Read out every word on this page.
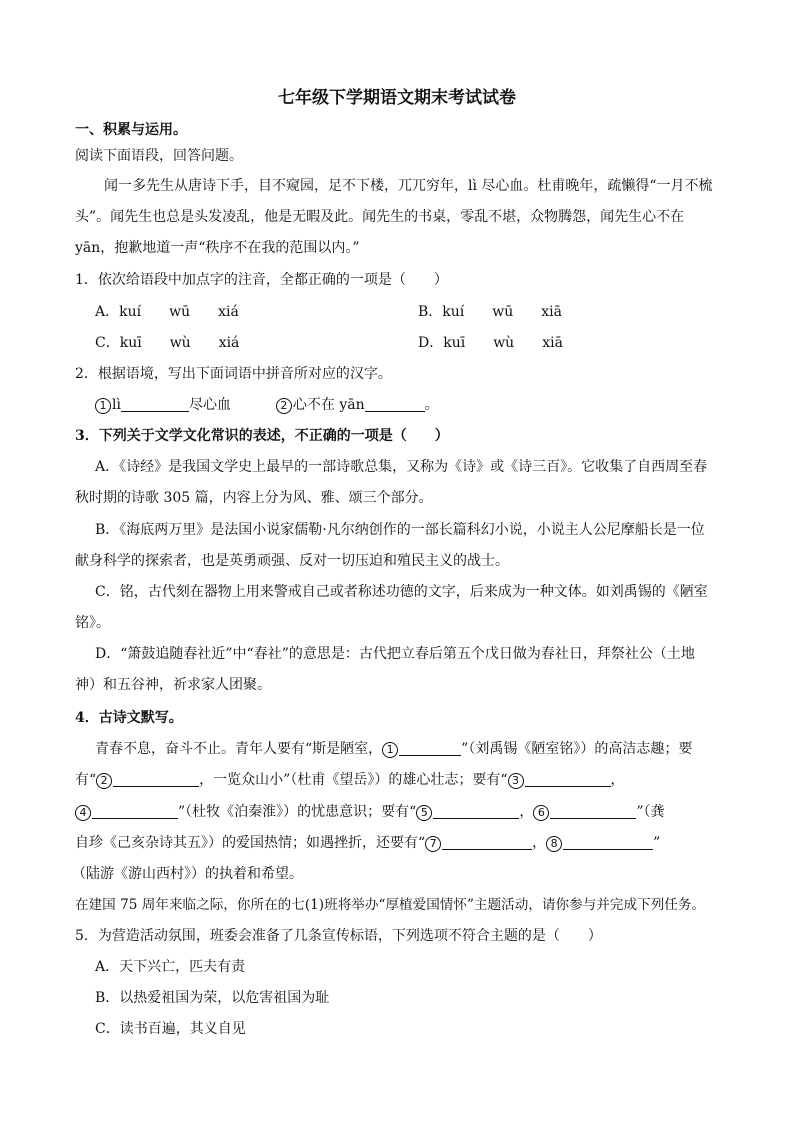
七年级下学期语文期末考试试卷

一、积累与运用。

阅读下面语段，回答问题。

闻一多先生从唐诗下手，目不窥园，足不下楼，兀兀穷年，lì 尽心血。杜甫晚年，疏懒得“一月不梳

头”。闻先生也总是头发凌乱，他是无暇及此。闻先生的书桌，零乱不堪，众物腾怨，闻先生心不在

yān，抱歉地道一声“秩序不在我的范围以内。”

1．依次给语段中加点字的注音，全都正确的一项是（　　）

A．kuí　　wū　　xiá	B．kuí　　wū　　xiā

C．kuī　　wù　　xiá	D．kuī　　wù　　xiā

2．根据语境，写出下面词语中拼音所对应的汉字。

1 lì	尽心血	2 心不在 yān	。

3．下列关于文学文化常识的表述，不正确的一项是（　　）

A．《诗经》是我国文学史上最早的一部诗歌总集，又称为《诗》或《诗三百》。它收集了自西周至春

秋时期的诗歌 305 篇，内容上分为风、雅、颂三个部分。

B．《海底两万里》是法国小说家儒勒·凡尔纳创作的一部长篇科幻小说，小说主人公尼摩船长是一位

献身科学的探索者，也是英勇顽强、反对一切压迫和殖民主义的战士。

C．铭，古代刻在器物上用来警戒自己或者称述功德的文字，后来成为一种文体。如刘禹锡的《陋室

铭》。

D．“箫鼓追随春社近”中“春社”的意思是：古代把立春后第五个戊日做为春社日，拜祭社公（土地

神）和五谷神，祈求家人团聚。

4．古诗文默写。

青春不息，奋斗不止。青年人要有“斯是陋室， 1	”（刘禹锡《陋室铭》）的高洁志趣；要

有“ 2	，一览众山小”（杜甫《望岳》）的雄心壮志；要有“ 3	，

4	”（杜牧《泊秦淮》）的忧患意识；要有“ 5	， 6	”（龚

自珍《己亥杂诗其五》）的爱国热情；如遇挫折，还要有“ 7	， 8	”

（陆游《游山西村》）的执着和希望。

在建国 75 周年来临之际，你所在的七(1)班将举办“厚植爱国情怀”主题活动，请你参与并完成下列任务。

5．为营造活动氛围，班委会准备了几条宣传标语，下列选项不符合主题的是（　　）

A．天下兴亡，匹夫有责

B．以热爱祖国为荣，以危害祖国为耻

C．读书百遍，其义自见
